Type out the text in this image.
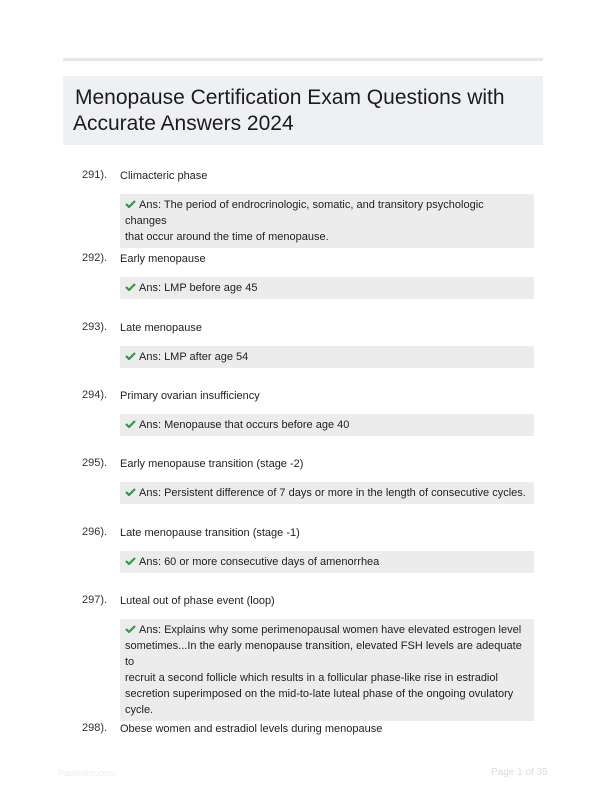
Menopause Certification Exam Questions with
Accurate Answers 2024
291). Climacteric phase
Ans: The period of endrocrinologic, somatic, and transitory psychologic changes
that occur around the time of menopause.
292). Early menopause
Ans: LMP before age 45
293). Late menopause
Ans: LMP after age 54
294). Primary ovarian insufficiency
Ans: Menopause that occurs before age 40
295). Early menopause transition (stage -2)
Ans: Persistent difference of 7 days or more in the length of consecutive cycles.
296). Late menopause transition (stage -1)
Ans: 60 or more consecutive days of amenorrhea
297). Luteal out of phase event (loop)
Ans: Explains why some perimenopausal women have elevated estrogen level
sometimes...In the early menopause transition, elevated FSH levels are adequate to
recruit a second follicle which results in a follicular phase-like rise in estradiol
secretion superimposed on the mid-to-late luteal phase of the ongoing ovulatory
cycle.
298). Obese women and estradiol levels during menopause
Paperlibs.com	Page 1 of 35
